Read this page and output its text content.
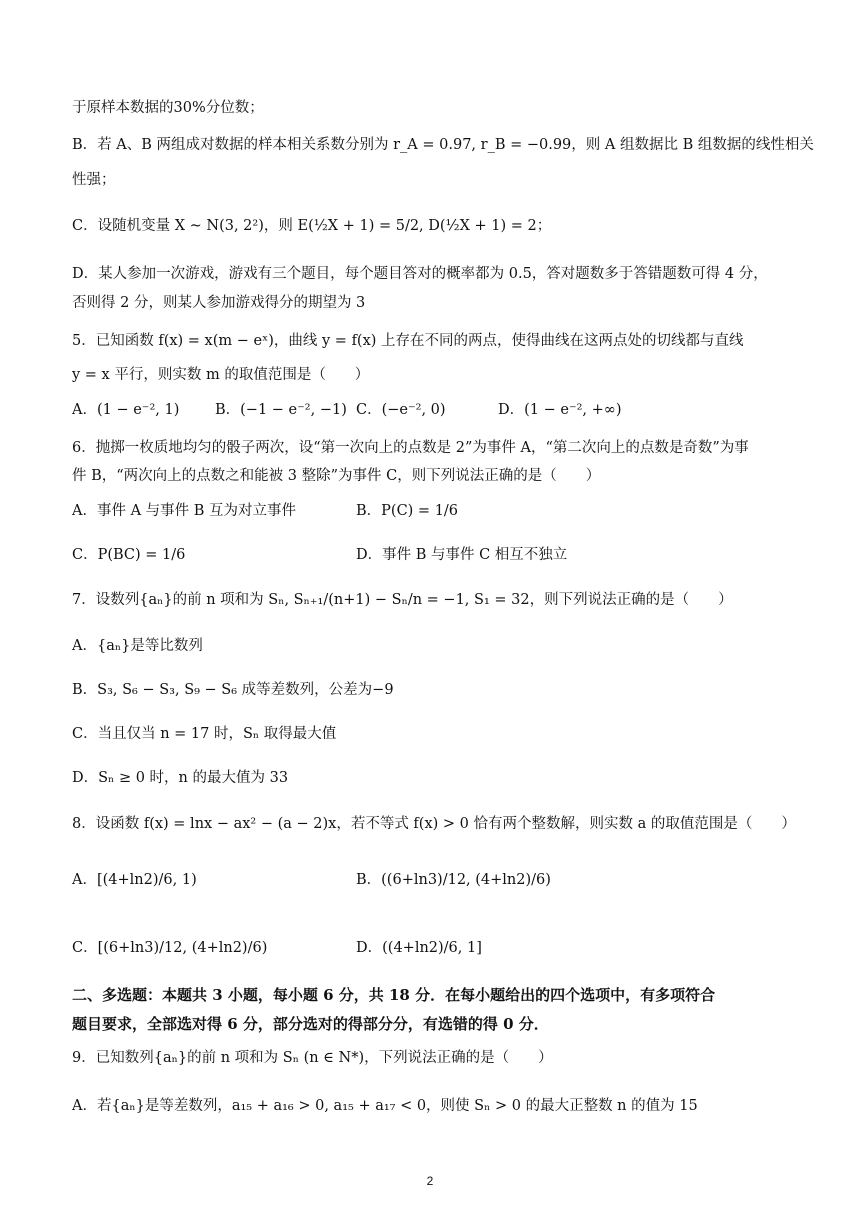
于原样本数据的30%分位数；
B．若 A、B 两组成对数据的样本相关系数分别为 r_A = 0.97, r_B = −0.99，则 A 组数据比 B 组数据的线性相关
性强；
C．设随机变量 X ~ N(3, 2²)，则 E(½X + 1) = 5/2, D(½X + 1) = 2；
D．某人参加一次游戏，游戏有三个题目，每个题目答对的概率都为 0.5，答对题数多于答错题数可得 4 分，
否则得 2 分，则某人参加游戏得分的期望为 3
5．已知函数 f(x) = x(m − eˣ)，曲线 y = f(x) 上存在不同的两点，使得曲线在这两点处的切线都与直线
y = x 平行，则实数 m 的取值范围是（　　）
A．(1 − e⁻², 1) B．(−1 − e⁻², −1) C．(−e⁻², 0)	D．(1 − e⁻², +∞)
6．抛掷一枚质地均匀的骰子两次，设“第一次向上的点数是 2”为事件 A，“第二次向上的点数是奇数”为事
件 B，“两次向上的点数之和能被 3 整除”为事件 C，则下列说法正确的是（　　）
A．事件 A 与事件 B 互为对立事件	B．P(C) = 1/6
C．P(BC) = 1/6	D．事件 B 与事件 C 相互不独立
7．设数列{aₙ}的前 n 项和为 Sₙ, Sₙ₊₁/(n+1) − Sₙ/n = −1, S₁ = 32，则下列说法正确的是（　　）
A．{aₙ}是等比数列
B．S₃, S₆ − S₃, S₉ − S₆ 成等差数列，公差为−9
C．当且仅当 n = 17 时，Sₙ 取得最大值
D．Sₙ ≥ 0 时，n 的最大值为 33
8．设函数 f(x) = lnx − ax² − (a − 2)x，若不等式 f(x) > 0 恰有两个整数解，则实数 a 的取值范围是（　　）
A．[(4+ln2)/6, 1)	B．((6+ln3)/12, (4+ln2)/6)
C．[(6+ln3)/12, (4+ln2)/6)	D．((4+ln2)/6, 1]
二、多选题：本题共 3 小题，每小题 6 分，共 18 分．在每小题给出的四个选项中，有多项符合
题目要求，全部选对得 6 分，部分选对的得部分分，有选错的得 0 分．
9．已知数列{aₙ}的前 n 项和为 Sₙ (n ∈ N*)，下列说法正确的是（　　）
A．若{aₙ}是等差数列，a₁₅ + a₁₆ > 0, a₁₅ + a₁₇ < 0，则使 Sₙ > 0 的最大正整数 n 的值为 15
2
